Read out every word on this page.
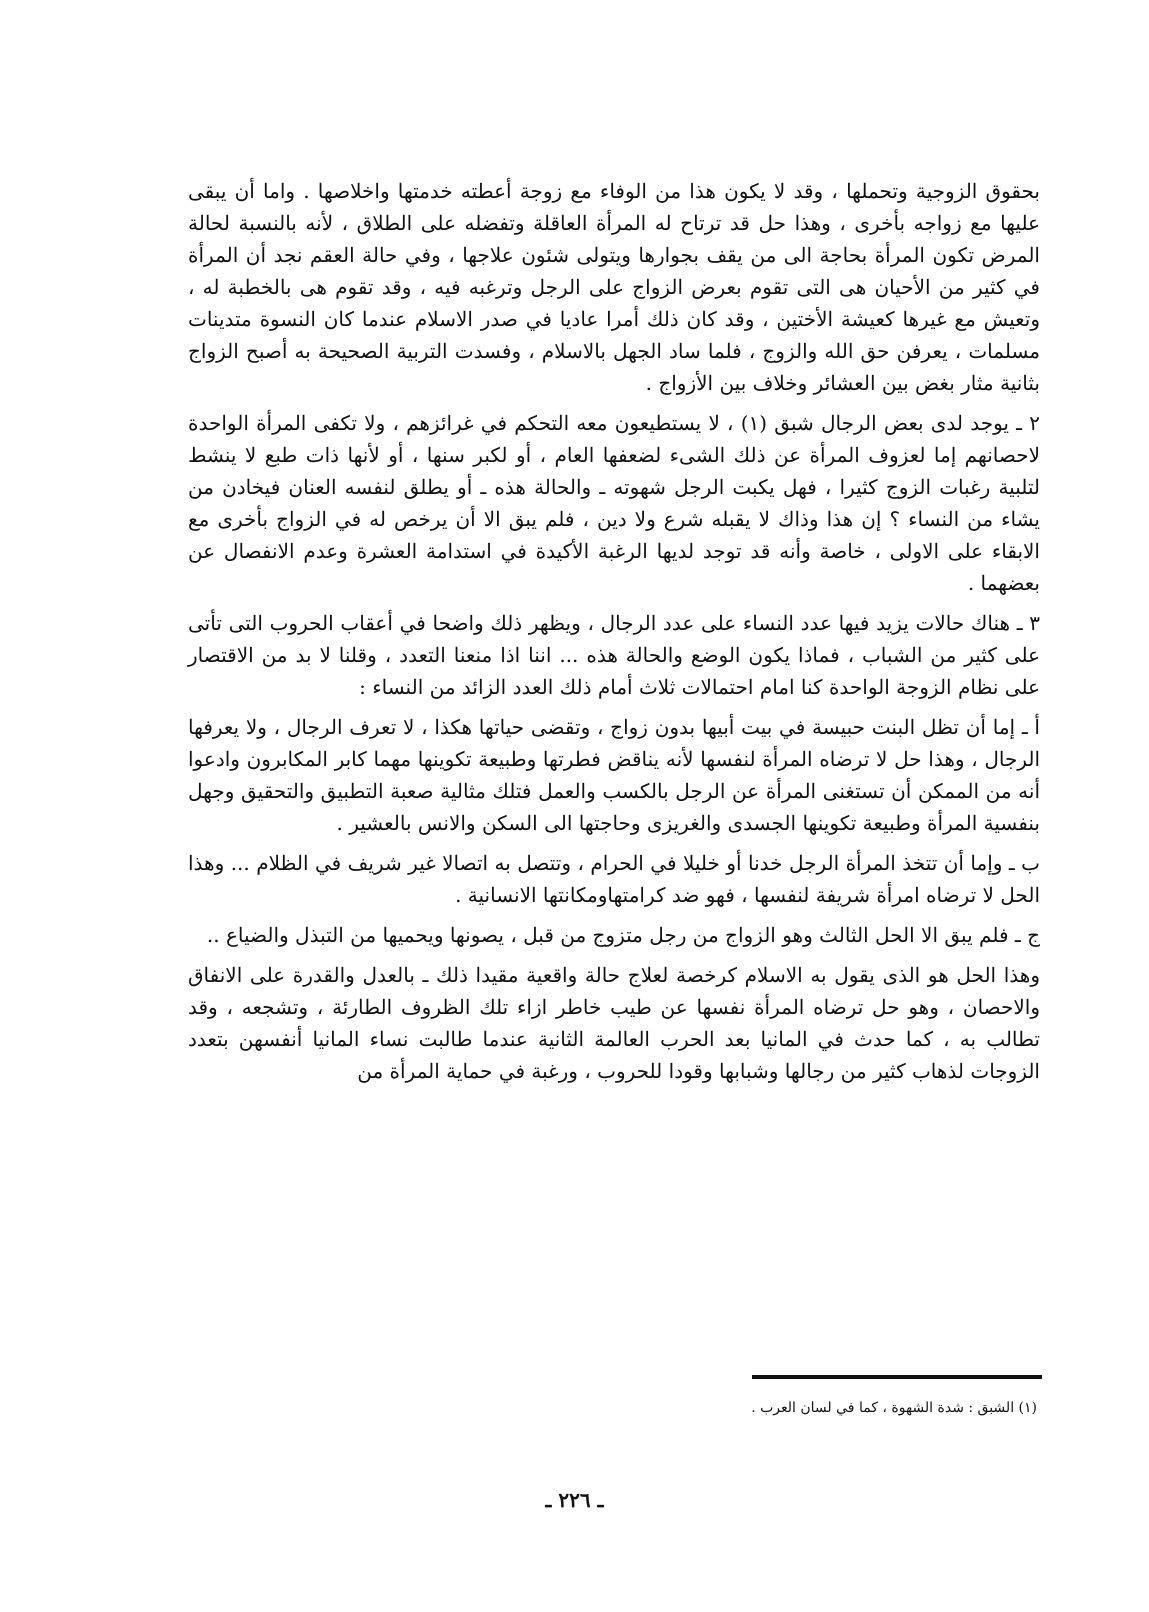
بحقوق الزوجية وتحملها ، وقد لا يكون هذا من الوفاء مع زوجة أعطته خدمتها واخلاصها . واما أن يبقى عليها مع زواجه بأخرى ، وهذا حل قد ترتاح له المرأة العاقلة وتفضله على الطلاق ، لأنه بالنسبة لحالة المرض تكون المرأة بحاجة الى من يقف بجوارها ويتولى شئون علاجها ، وفي حالة العقم نجد أن المرأة في كثير من الأحيان هى التى تقوم بعرض الزواج على الرجل وترغبه فيه ، وقد تقوم هى بالخطبة له ، وتعيش مع غيرها كعيشة الأختين ، وقد كان ذلك أمرا عاديا في صدر الاسلام عندما كان النسوة متدينات مسلمات ، يعرفن حق الله والزوج ، فلما ساد الجهل بالاسلام ، وفسدت التربية الصحيحة به أصبح الزواج بثانية مثار بغض بين العشائر وخلاف بين الأزواج .

٢ ـ يوجد لدى بعض الرجال شبق (١) ، لا يستطيعون معه التحكم في غرائزهم ، ولا تكفى المرأة الواحدة لاحصانهم إما لعزوف المرأة عن ذلك الشىء لضعفها العام ، أو لكبر سنها ، أو لأنها ذات طبع لا ينشط لتلبية رغبات الزوج كثيرا ، فهل يكبت الرجل شهوته ـ والحالة هذه ـ أو يطلق لنفسه العنان فيخادن من يشاء من النساء ؟ إن هذا وذاك لا يقبله شرع ولا دين ، فلم يبق الا أن يرخص له في الزواج بأخرى مع الابقاء على الاولى ، خاصة وأنه قد توجد لديها الرغبة الأكيدة في استدامة العشرة وعدم الانفصال عن بعضهما .

٣ ـ هناك حالات يزيد فيها عدد النساء على عدد الرجال ، ويظهر ذلك واضحا في أعقاب الحروب التى تأتى على كثير من الشباب ، فماذا يكون الوضع والحالة هذه ... اننا اذا منعنا التعدد ، وقلنا لا بد من الاقتصار على نظام الزوجة الواحدة كنا امام احتمالات ثلاث أمام ذلك العدد الزائد من النساء :

أ ـ إما أن تظل البنت حبيسة في بيت أبيها بدون زواج ، وتقضى حياتها هكذا ، لا تعرف الرجال ، ولا يعرفها الرجال ، وهذا حل لا ترضاه المرأة لنفسها لأنه يناقض فطرتها وطبيعة تكوينها مهما كابر المكابرون وادعوا أنه من الممكن أن تستغنى المرأة عن الرجل بالكسب والعمل فتلك مثالية صعبة التطبيق والتحقيق وجهل بنفسية المرأة وطبيعة تكوينها الجسدى والغريزى وحاجتها الى السكن والانس بالعشير .

ب ـ وإما أن تتخذ المرأة الرجل خدنا أو خليلا في الحرام ، وتتصل به اتصالا غير شريف في الظلام ... وهذا الحل لا ترضاه امرأة شريفة لنفسها ، فهو ضد كرامتهاومكانتها الانسانية .

ج ـ فلم يبق الا الحل الثالث وهو الزواج من رجل متزوج من قبل ، يصونها ويحميها من التبذل والضياع ..

وهذا الحل هو الذى يقول به الاسلام كرخصة لعلاج حالة واقعية مقيدا ذلك ـ بالعدل والقدرة على الانفاق والاحصان ، وهو حل ترضاه المرأة نفسها عن طيب خاطر ازاء تلك الظروف الطارئة ، وتشجعه ، وقد تطالب به ، كما حدث في المانيا بعد الحرب العالمة الثانية عندما طالبت نساء المانيا أنفسهن بتعدد الزوجات لذهاب كثير من رجالها وشبابها وقودا للحروب ، ورغبة في حماية المرأة من

(١) الشبق : شدة الشهوة ، كما في لسان العرب .
ـ ٢٢٦ ـ
